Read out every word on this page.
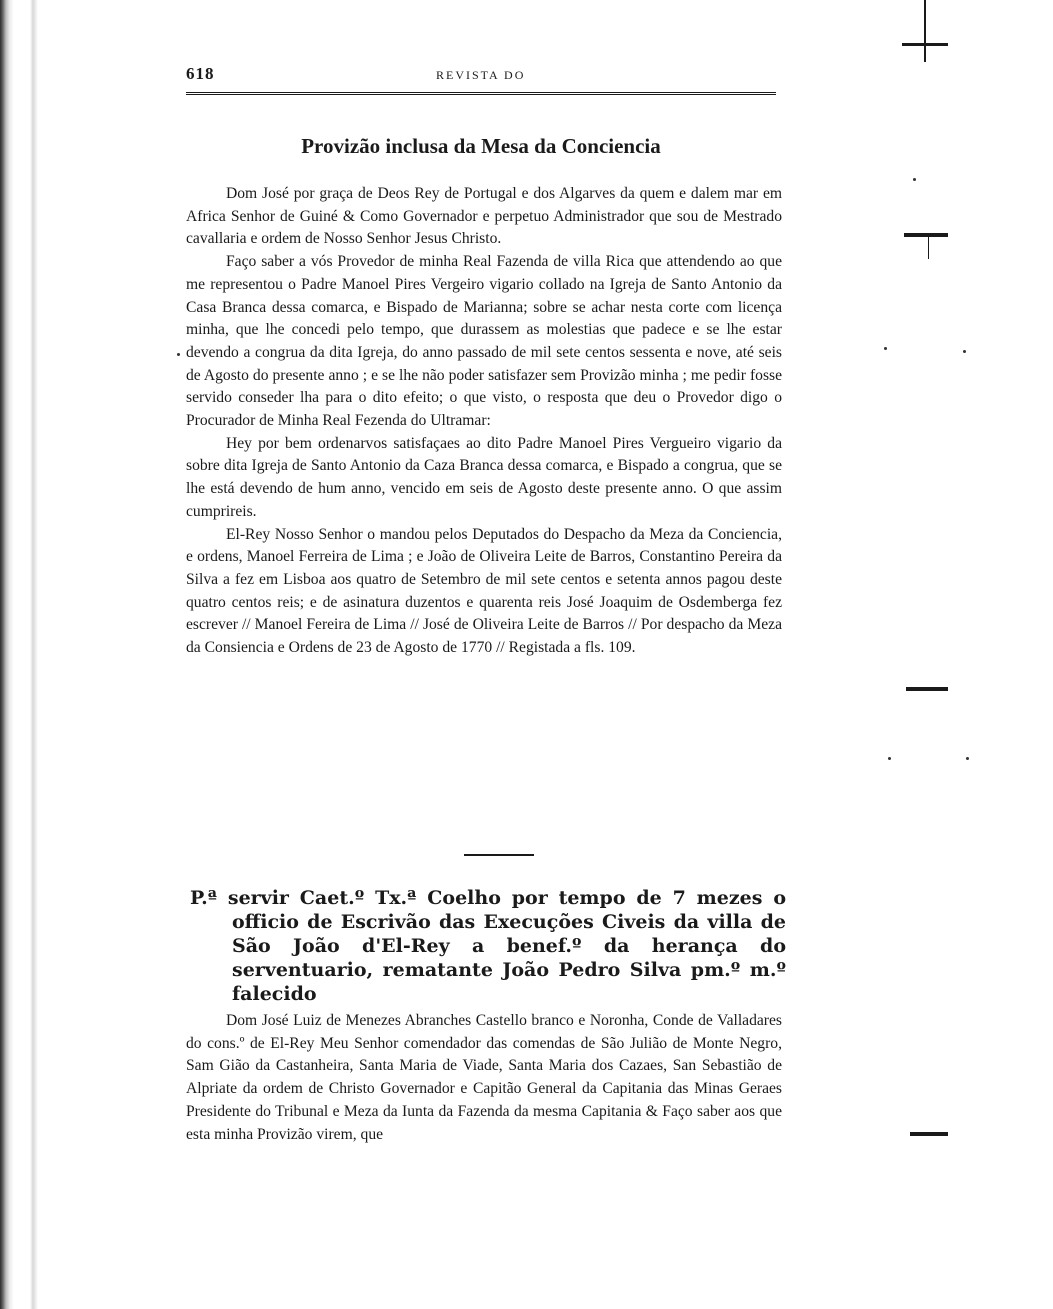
618	REVISTA DO
Provizão inclusa da Mesa da Conciencia

Dom José por graça de Deos Rey de Portugal e dos Algarves da quem e dalem mar em Africa Senhor de Guiné & Como Governador e perpetuo Administrador que sou de Mestrado cavallaria e ordem de Nosso Senhor Jesus Christo.

Faço saber a vós Provedor de minha Real Fazenda de villa Rica que attendendo ao que me representou o Padre Manoel Pires Vergeiro vigario collado na Igreja de Santo Antonio da Casa Branca dessa comarca, e Bispado de Marianna; sobre se achar nesta corte com licença minha, que lhe concedi pelo tempo, que durassem as molestias que padece e se lhe estar devendo a congrua da dita Igreja, do anno passado de mil sete centos sessenta e nove, até seis de Agosto do presente anno ; e se lhe não poder satisfazer sem Provizão minha ; me pedir fosse servido conseder lha para o dito efeito; o que visto, o resposta que deu o Provedor digo o Procurador de Minha Real Fezenda do Ultramar:

Hey por bem ordenarvos satisfaçaes ao dito Padre Manoel Pires Vergueiro vigario da sobre dita Igreja de Santo Antonio da Caza Branca dessa comarca, e Bispado a congrua, que se lhe está devendo de hum anno, vencido em seis de Agosto deste presente anno. O que assim cumprireis.

El-Rey Nosso Senhor o mandou pelos Deputados do Despacho da Meza da Conciencia, e ordens, Manoel Ferreira de Lima ; e João de Oliveira Leite de Barros, Constantino Pereira da Silva a fez em Lisboa aos quatro de Setembro de mil sete centos e setenta annos pagou deste quatro centos reis; e de asinatura duzentos e quarenta reis José Joaquim de Osdemberga fez escrever // Manoel Fereira de Lima // José de Oliveira Leite de Barros // Por despacho da Meza da Consiencia e Ordens de 23 de Agosto de 1770 // Registada a fls. 109.

P.ª servir Caet.º Tx.ª Coelho por tempo de 7 mezes o officio de Escrivão das Execuções Civeis da villa de São João d'El-Rey a benef.º da herança do serventuario, rematante João Pedro Silva pm.º m.º falecido

Dom José Luiz de Menezes Abranches Castello branco e Noronha, Conde de Valladares do cons.º de El-Rey Meu Senhor comendador das comendas de São Julião de Monte Negro, Sam Gião da Castanheira, Santa Maria de Viade, Santa Maria dos Cazaes, San Sebastião de Alpriate da ordem de Christo Governador e Capitão General da Capitania das Minas Geraes Presidente do Tribunal e Meza da Iunta da Fazenda da mesma Capitania & Faço saber aos que esta minha Provizão virem, que
